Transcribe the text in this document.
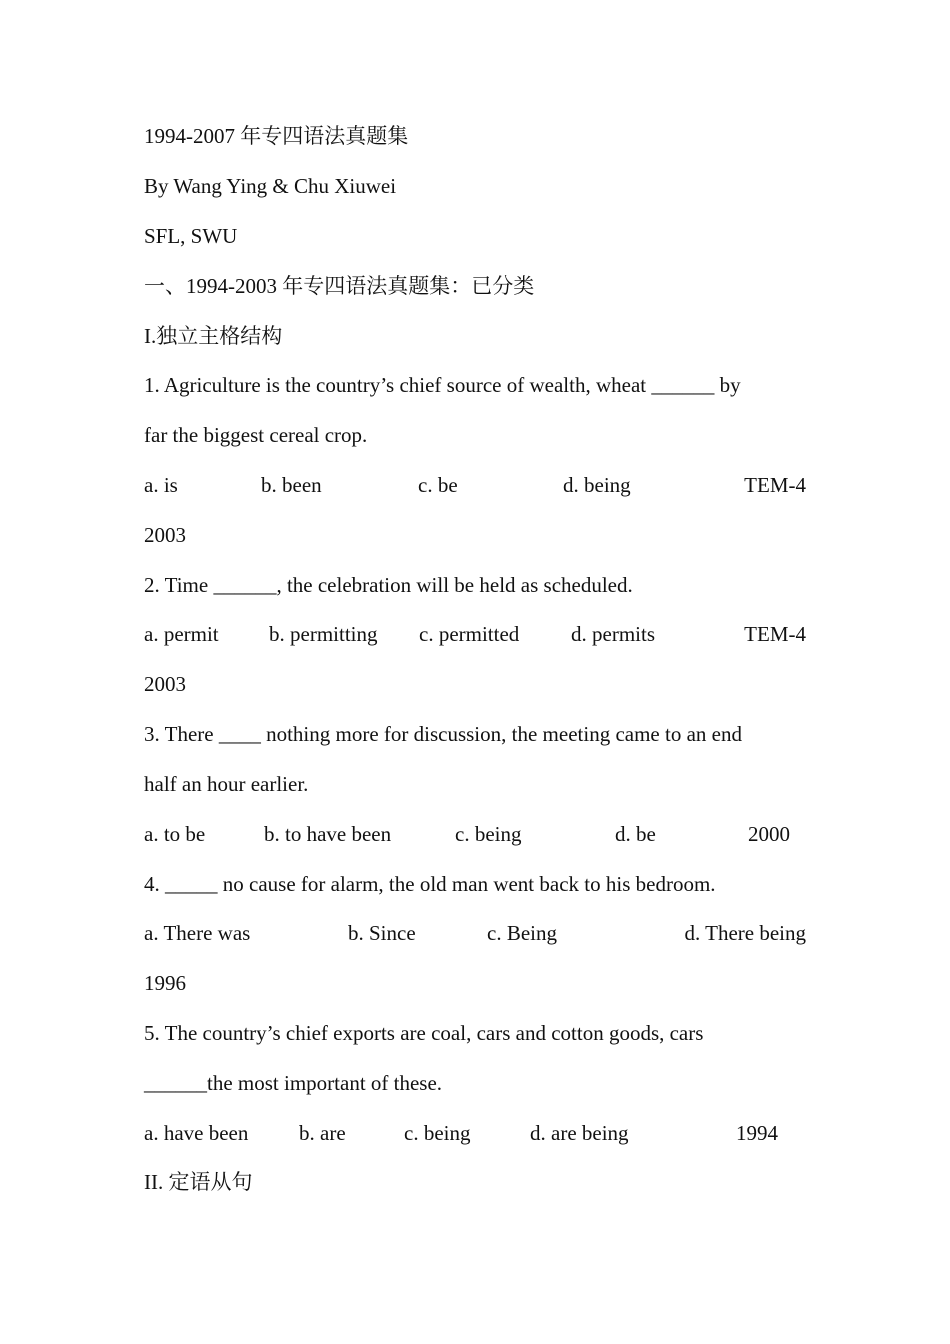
1994-2007 年专四语法真题集
By Wang Ying & Chu Xiuwei
SFL, SWU
一、1994-2003 年专四语法真题集：已分类
I.独立主格结构
1. Agriculture is the country’s chief source of wealth, wheat ______ by
far the biggest cereal crop.
a. is	b. been	c. be	d. being	TEM-4
2003
2. Time ______, the celebration will be held as scheduled.
a. permit b. permitting c. permitted d. permits	TEM-4
2003
3. There ____ nothing more for discussion, the meeting came to an end
half an hour earlier.
a. to be	b. to have been	c. being	d. be	2000
4. _____ no cause for alarm, the old man went back to his bedroom.
a. There was	b. Since	c. Being	d. There being
1996
5. The country’s chief exports are coal, cars and cotton goods, cars
______the most important of these.
a. have been b. are	c. being	d. are being	1994
II. 定语从句
